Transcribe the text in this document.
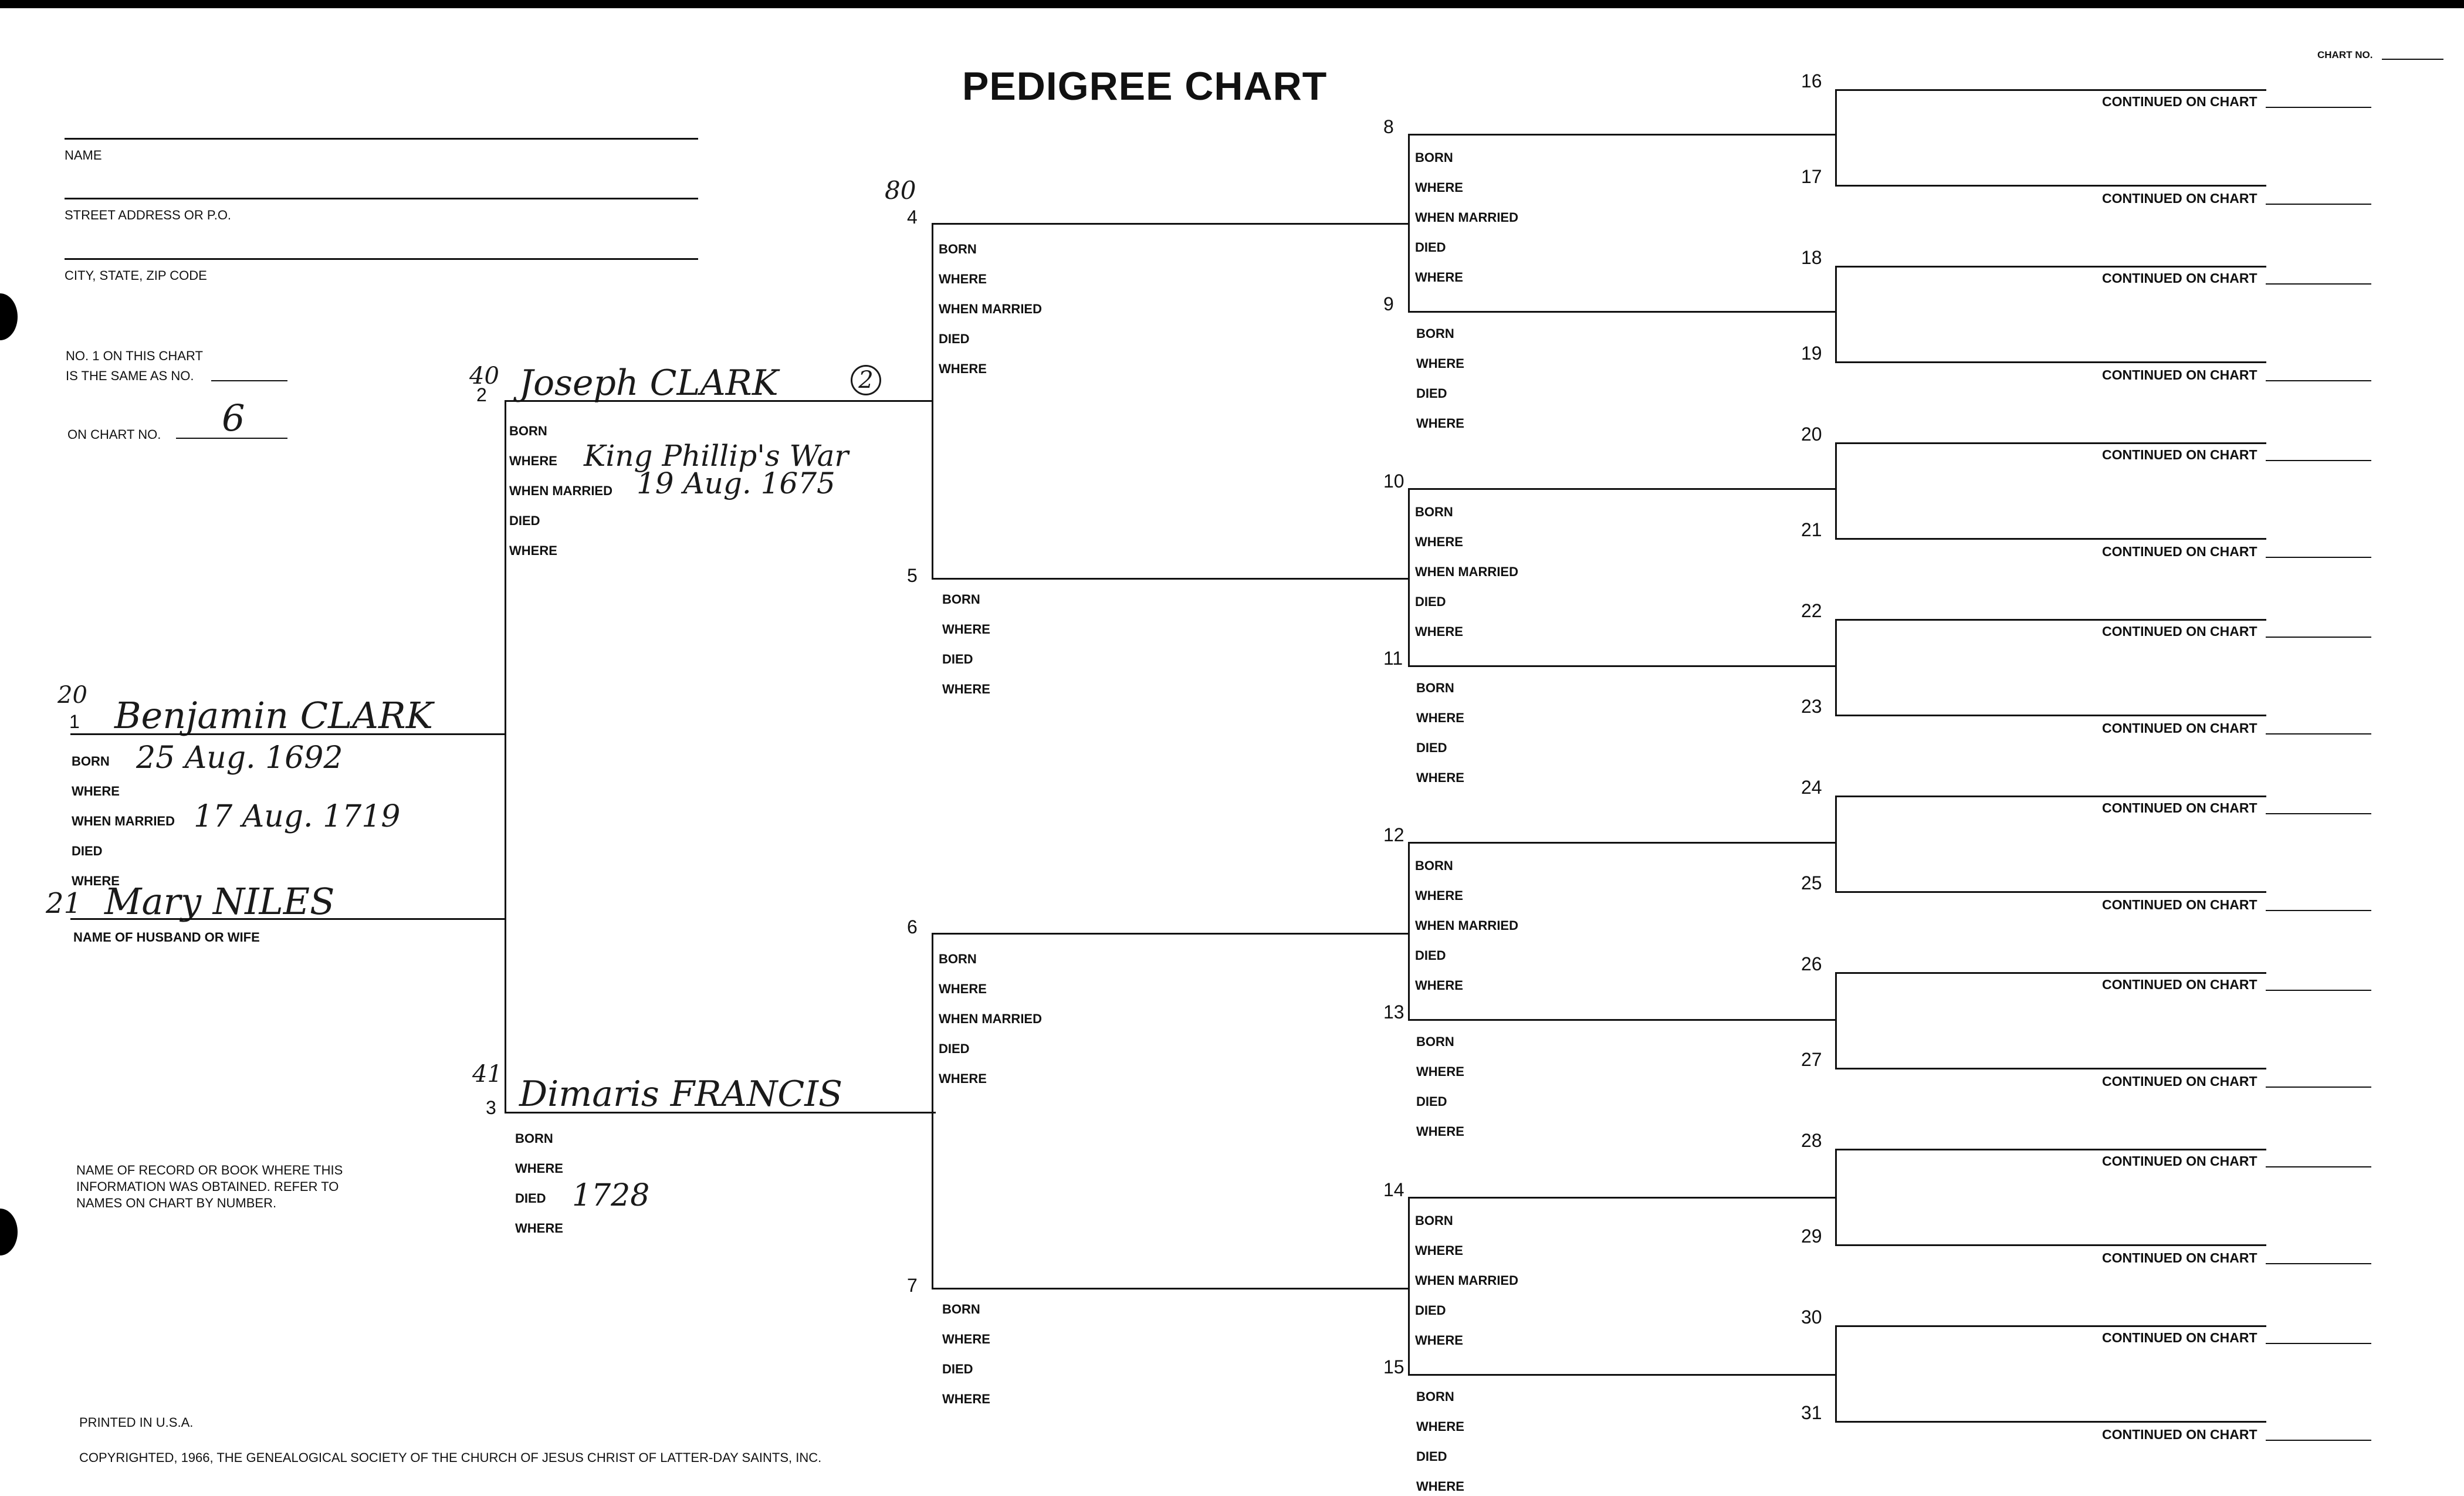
PEDIGREE CHART
CHART NO.
NAME
STREET ADDRESS OR P.O.
CITY, STATE, ZIP CODE
NO. 1 ON THIS CHART
IS THE SAME AS NO.
ON CHART NO. 6
20
1 Benjamin CLARK
BORN 25 Aug. 1692
WHERE
WHEN MARRIED 17 Aug. 1719
DIED
WHERE
21 Mary NILES
NAME OF HUSBAND OR WIFE
40
2 Joseph CLARK	2
BORN
WHERE King Phillip's War
WHEN MARRIED 19 Aug. 1675
DIED
WHERE
41
3 Dimaris FRANCIS
BORN
WHERE
DIED 1728
WHERE
80
4
BORN
WHERE
WHEN MARRIED
DIED
WHERE
5
BORN
WHERE
DIED
WHERE
6
BORN
WHERE
WHEN MARRIED
DIED
WHERE
7
BORN
WHERE
DIED
WHERE
8
BORN
WHERE
WHEN MARRIED
DIED
WHERE
9
BORN
WHERE
DIED
WHERE
10
BORN
WHERE
WHEN MARRIED
DIED
WHERE
11
BORN
WHERE
DIED
WHERE
12
BORN
WHERE
WHEN MARRIED
DIED
WHERE
13
BORN
WHERE
DIED
WHERE
14
BORN
WHERE
WHEN MARRIED
DIED
WHERE
15
BORN
WHERE
DIED
WHERE
16
17
CONTINUED ON CHART
CONTINUED ON CHART
18
19
CONTINUED ON CHART
CONTINUED ON CHART
20
21
CONTINUED ON CHART
CONTINUED ON CHART
22
23
CONTINUED ON CHART
CONTINUED ON CHART
24
25
CONTINUED ON CHART
CONTINUED ON CHART
26
27
CONTINUED ON CHART
CONTINUED ON CHART
28
29
CONTINUED ON CHART
CONTINUED ON CHART
30
31
CONTINUED ON CHART
CONTINUED ON CHART
NAME OF RECORD OR BOOK WHERE THIS
INFORMATION WAS OBTAINED. REFER TO
NAMES ON CHART BY NUMBER.
PRINTED IN U.S.A.
COPYRIGHTED, 1966, THE GENEALOGICAL SOCIETY OF THE CHURCH OF JESUS CHRIST OF LATTER-DAY SAINTS, INC.
